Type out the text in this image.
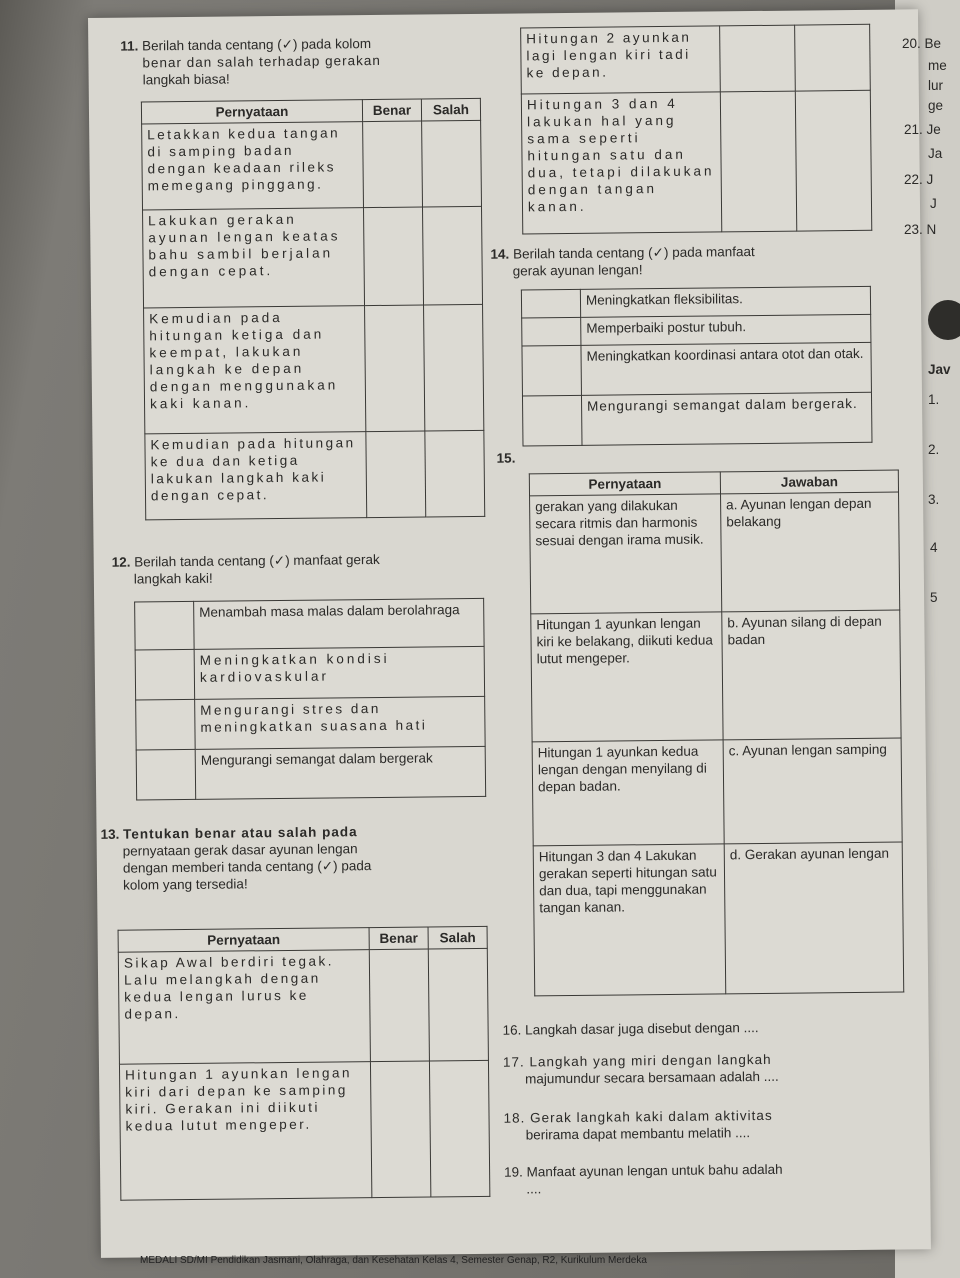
11. Berilah tanda centang (✓) pada kolom
benar dan salah terhadap gerakan
langkah biasa!
Pernyataan	Benar	Salah
Letakkan kedua tangan di samping badan dengan keadaan rileks memegang pinggang.		
Lakukan gerakan ayunan lengan keatas bahu sambil berjalan dengan cepat.		
Kemudian pada hitungan ketiga dan keempat, lakukan langkah ke depan dengan menggunakan kaki kanan.		
Kemudian pada hitungan ke dua dan ketiga lakukan langkah kaki dengan cepat.		
12. Berilah tanda centang (✓) manfaat gerak
langkah kaki!
	Menambah masa malas dalam berolahraga
	Meningkatkan kondisi kardiovaskular
	Mengurangi stres dan meningkatkan suasana hati
	Mengurangi semangat dalam bergerak
13. Tentukan benar atau salah pada
pernyataan gerak dasar ayunan lengan
dengan memberi tanda centang (✓) pada
kolom yang tersedia!
Pernyataan	Benar	Salah
Sikap Awal berdiri tegak. Lalu melangkah dengan kedua lengan lurus ke depan.		
Hitungan 1 ayunkan lengan kiri dari depan ke samping kiri. Gerakan ini diikuti kedua lutut mengeper.		
Hitungan 2 ayunkan lagi lengan kiri tadi ke depan.		
Hitungan 3 dan 4 lakukan hal yang sama seperti hitungan satu dan dua, tetapi dilakukan dengan tangan kanan.		
14. Berilah tanda centang (✓) pada manfaat
gerak ayunan lengan!
	Meningkatkan fleksibilitas.
	Memperbaiki postur tubuh.
	Meningkatkan koordinasi antara otot dan otak.
	Mengurangi semangat dalam bergerak.
15.
Pernyataan	Jawaban
gerakan yang dilakukan secara ritmis dan harmonis sesuai dengan irama musik.	a. Ayunan lengan depan belakang
Hitungan 1 ayunkan lengan kiri ke belakang, diikuti kedua lutut mengeper.	b. Ayunan silang di depan badan
Hitungan 1 ayunkan kedua lengan dengan menyilang di depan badan.	c. Ayunan lengan samping
Hitungan 3 dan 4 Lakukan gerakan seperti hitungan satu dan dua, tapi menggunakan tangan kanan.	d. Gerakan ayunan lengan
16. Langkah dasar juga disebut dengan ....
17. Langkah yang miri dengan langkah
majumundur secara bersamaan adalah ....
18. Gerak langkah kaki dalam aktivitas
berirama dapat membantu melatih ....
19. Manfaat ayunan lengan untuk bahu adalah
....
20. Be
me
lur
ge
21. Je
Ja
22. J
J
23. N
Jav
1.
2.
3.
4
5
MEDALI SD/MI Pendidikan Jasmani, Olahraga, dan Kesehatan Kelas 4, Semester Genap, R2, Kurikulum Merdeka
